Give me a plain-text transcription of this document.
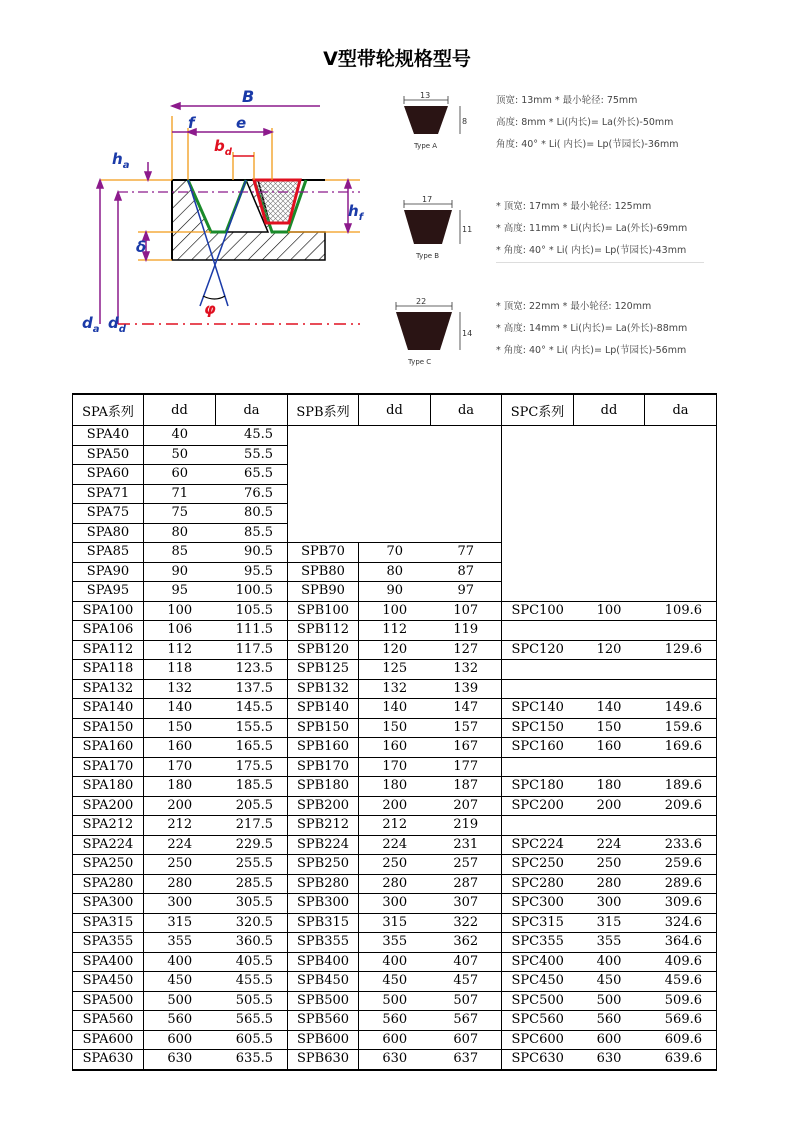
V型带轮规格型号
B
f	e
$b_d$
$h_a$
$h_f$
δ
φ
$d_a$ $d_d$
13
8
Type A
顶宽: 13mm * 最小轮径: 75mm
高度: 8mm * Li(内长)= La(外长)-50mm
角度: 40° * Li( 内长)= Lp(节园长)-36mm
17
11
Type B
* 顶宽: 17mm * 最小轮径: 125mm
* 高度: 11mm * Li(内长)= La(外长)-69mm
* 角度: 40° * Li( 内长)= Lp(节园长)-43mm
22
14
Type C
* 顶宽: 22mm * 最小轮径: 120mm
* 高度: 14mm * Li(内长)= La(外长)-88mm
* 角度: 40° * Li( 内长)= Lp(节园长)-56mm
SPA系列	dd	da	SPB系列	dd	da	SPC系列	dd	da
SPA40	40	45.5						
SPA50	50	55.5						
SPA60	60	65.5						
SPA71	71	76.5						
SPA75	75	80.5						
SPA80	80	85.5						
SPA85	85	90.5	SPB70	70	77			
SPA90	90	95.5	SPB80	80	87			
SPA95	95	100.5	SPB90	90	97			
SPA100	100	105.5	SPB100	100	107	SPC100	100	109.6
SPA106	106	111.5	SPB112	112	119			
SPA112	112	117.5	SPB120	120	127	SPC120	120	129.6
SPA118	118	123.5	SPB125	125	132			
SPA132	132	137.5	SPB132	132	139			
SPA140	140	145.5	SPB140	140	147	SPC140	140	149.6
SPA150	150	155.5	SPB150	150	157	SPC150	150	159.6
SPA160	160	165.5	SPB160	160	167	SPC160	160	169.6
SPA170	170	175.5	SPB170	170	177			
SPA180	180	185.5	SPB180	180	187	SPC180	180	189.6
SPA200	200	205.5	SPB200	200	207	SPC200	200	209.6
SPA212	212	217.5	SPB212	212	219			
SPA224	224	229.5	SPB224	224	231	SPC224	224	233.6
SPA250	250	255.5	SPB250	250	257	SPC250	250	259.6
SPA280	280	285.5	SPB280	280	287	SPC280	280	289.6
SPA300	300	305.5	SPB300	300	307	SPC300	300	309.6
SPA315	315	320.5	SPB315	315	322	SPC315	315	324.6
SPA355	355	360.5	SPB355	355	362	SPC355	355	364.6
SPA400	400	405.5	SPB400	400	407	SPC400	400	409.6
SPA450	450	455.5	SPB450	450	457	SPC450	450	459.6
SPA500	500	505.5	SPB500	500	507	SPC500	500	509.6
SPA560	560	565.5	SPB560	560	567	SPC560	560	569.6
SPA600	600	605.5	SPB600	600	607	SPC600	600	609.6
SPA630	630	635.5	SPB630	630	637	SPC630	630	639.6
